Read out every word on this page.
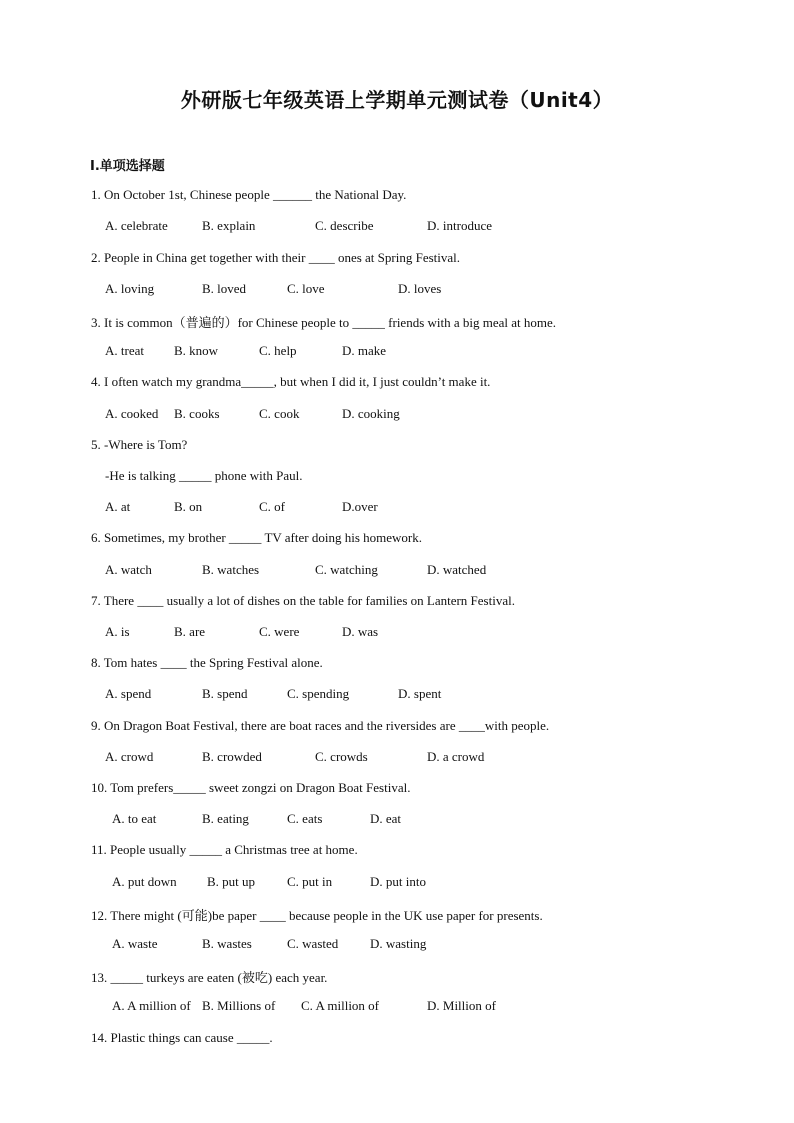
外研版七年级英语上学期单元测试卷（Unit4）
I.单项选择题
1. On October 1st, Chinese people ______ the National Day.
A. celebrate	B. explain	C. describe	D. introduce
2. People in China get together with their ____ ones at Spring Festival.
A. loving	B. loved	C. love	D. loves
3. It is common（普遍的）for Chinese people to _____ friends with a big meal at home.
A. treat B. know	C. help	D. make
4. I often watch my grandma_____, but when I did it, I just couldn’t make it.
A. cooked B. cooks	C. cook	D. cooking
5. -Where is Tom?
-He is talking _____ phone with Paul.
A. at	B. on	C. of	D.over
6. Sometimes, my brother _____ TV after doing his homework.
A. watch	B. watches	C. watching	D. watched
7. There ____ usually a lot of dishes on the table for families on Lantern Festival.
A. is	B. are	C. were	D. was
8. Tom hates ____ the Spring Festival alone.
A. spend	B. spend	C. spending	D. spent
9. On Dragon Boat Festival, there are boat races and the riversides are ____with people.
A. crowd	B. crowded	C. crowds	D. a crowd
10. Tom prefers_____ sweet zongzi on Dragon Boat Festival.
A. to eat	B. eating	C. eats	D. eat
11. People usually _____ a Christmas tree at home.
A. put down B. put up C. put in	D. put into
12. There might (可能)be paper ____ because people in the UK use paper for presents.
A. waste	B. wastes	C. wasted D. wasting
13. _____ turkeys are eaten (被吃) each year.
A. A million of B. Millions of C. A million of	D. Million of
14. Plastic things can cause _____.
